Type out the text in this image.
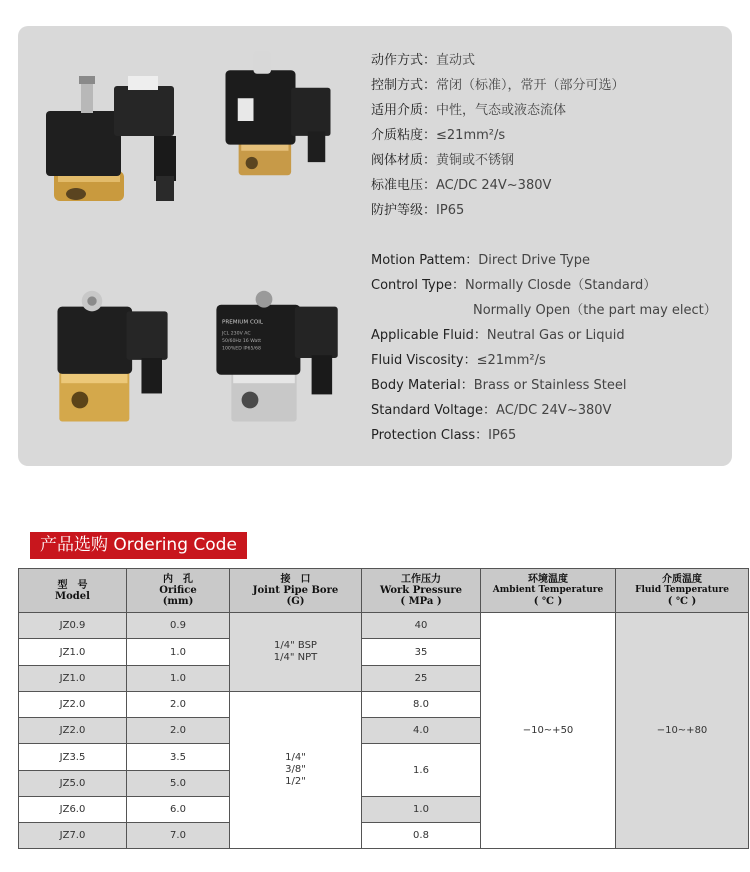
PREMIUM COIL
JCL 230V AC
50/60Hz 16 Watt
100%ED IP65/68
动作方式：直动式
控制方式：常闭（标准），常开（部分可选）
适用介质：中性，气态或液态流体
介质粘度：≤21mm²/s
阀体材质：黄铜或不锈钢
标准电压：AC/DC 24V~380V
防护等级：IP65
Motion Pattem：Direct Drive Type
Control Type：Normally Closde（Standard）
Normally Open（the part may elect）
Applicable Fluid：Neutral Gas or Liquid
Fluid Viscosity：≤21mm²/s
Body Material：Brass or Stainless Steel
Standard Voltage：AC/DC 24V~380V
Protection Class：IP65
产品选购 Ordering Code
型　号
Model
内　孔
Orifice
(mm)
接　口
Joint Pipe Bore
(G)
工作压力
Work Pressure
( MPa )
环境温度
Ambient Temperature
( ℃ )
介质温度
Fluid Temperature
( ℃ )
JZ0.9
JZ1.0
JZ1.0
JZ2.0
JZ2.0
JZ3.5
JZ5.0
JZ6.0
JZ7.0
0.9
1.0
1.0
2.0
2.0
3.5
5.0
6.0
7.0
1/4" BSP
1/4" NPT
1/4"
3/8"
1/2"
40
35
25
8.0
4.0
1.6
1.0
0.8
−10~+50	−10~+80
